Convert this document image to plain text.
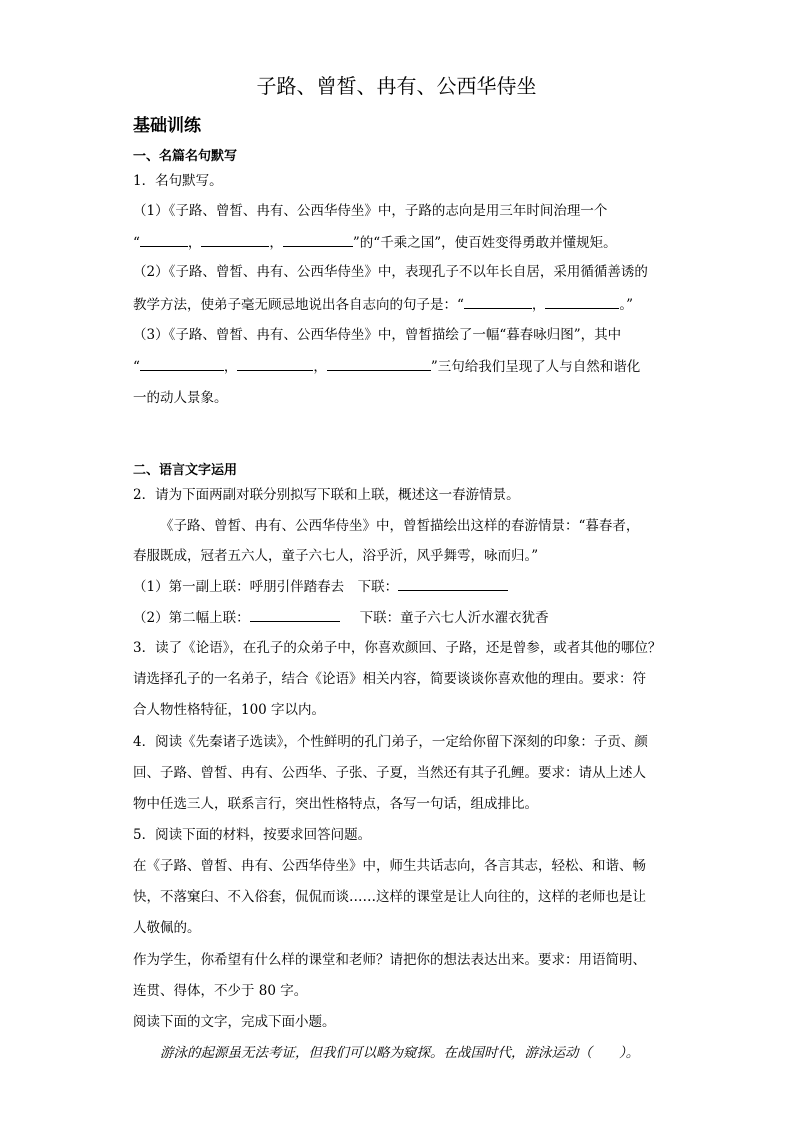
子路、曾皙、冉有、公西华侍坐
基础训练
一、名篇名句默写
1．名句默写。
（1）《子路、曾皙、冉有、公西华侍坐》中，子路的志向是用三年时间治理一个
“	，	，	”的“千乘之国”，使百姓变得勇敢并懂规矩。
（2）《子路、曾皙、冉有、公西华侍坐》中，表现孔子不以年长自居，采用循循善诱的
教学方法，使弟子毫无顾忌地说出各自志向的句子是：“	，	。”
（3）《子路、曾皙、冉有、公西华侍坐》中，曾皙描绘了一幅“暮春咏归图”，其中
“	，	，	”三句给我们呈现了人与自然和谐化
一的动人景象。
二、语言文字运用
2．请为下面两副对联分别拟写下联和上联，概述这一春游情景。
《子路、曾皙、冉有、公西华侍坐》中，曾皙描绘出这样的春游情景：“暮春者，
春服既成，冠者五六人，童子六七人，浴乎沂，风乎舞雩，咏而归。”
（1）第一副上联：呼朋引伴踏春去　下联：
（2）第二幅上联：	下联：童子六七人沂水濯衣犹香
3．读了《论语》，在孔子的众弟子中，你喜欢颜回、子路，还是曾参，或者其他的哪位？
请选择孔子的一名弟子，结合《论语》相关内容，简要谈谈你喜欢他的理由。要求：符
合人物性格特征，100 字以内。
4．阅读《先秦诸子选读》，个性鲜明的孔门弟子，一定给你留下深刻的印象：子贡、颜
回、子路、曾皙、冉有、公西华、子张、子夏，当然还有其子孔鲤。要求：请从上述人
物中任选三人，联系言行，突出性格特点，各写一句话，组成排比。
5．阅读下面的材料，按要求回答问题。
在《子路、曾皙、冉有、公西华侍坐》中，师生共话志向，各言其志，轻松、和谐、畅
快，不落窠臼、不入俗套，侃侃而谈……这样的课堂是让人向往的，这样的老师也是让
人敬佩的。
作为学生，你希望有什么样的课堂和老师？请把你的想法表达出来。要求：用语简明、
连贯、得体，不少于 80 字。
阅读下面的文字，完成下面小题。
游泳的起源虽无法考证，但我们可以略为窥探。在战国时代，游泳运动（　　）。
